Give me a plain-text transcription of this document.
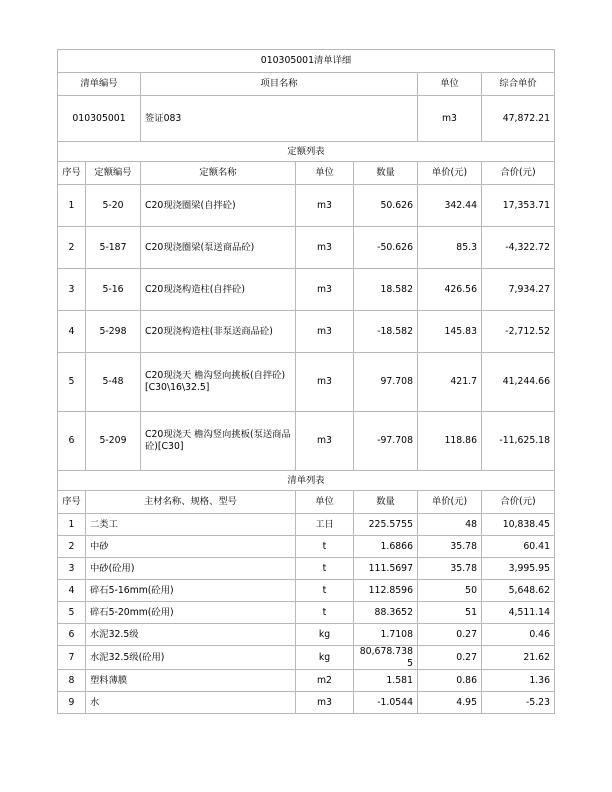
010305001清单详细						
清单编号		项目名称			单位	综合单价
010305001		签证083			m3	47,872.21
定额列表						
序号	定额编号	定额名称	单位	数量	单价(元)	合价(元)
1	5-20	C20现浇圈梁(自拌砼)	m3	50.626	342.44	17,353.71
2	5-187	C20现浇圈梁(泵送商品砼)	m3	-50.626	85.3	-4,322.72
3	5-16	C20现浇构造柱(自拌砼)	m3	18.582	426.56	7,934.27
4	5-298	C20现浇构造柱(非泵送商品砼)	m3	-18.582	145.83	-2,712.52
5	5-48	C20现浇天 檐沟竖向挑板(自拌砼)[C30\16\32.5]	m3	97.708	421.7	41,244.66
6	5-209	C20现浇天 檐沟竖向挑板(泵送商品砼)[C30]	m3	-97.708	118.86	-11,625.18
清单列表						
序号	主材名称、规格、型号		单位	数量	单价(元)	合价(元)
1	二类工		工日	225.5755	48	10,838.45
2	中砂		t	1.6866	35.78	60.41
3	中砂(砼用)		t	111.5697	35.78	3,995.95
4	碎石5-16mm(砼用)		t	112.8596	50	5,648.62
5	碎石5-20mm(砼用)		t	88.3652	51	4,511.14
6	水泥32.5级		kg	1.7108	0.27	0.46
7	水泥32.5级(砼用)		kg	80,678.7385	0.27	21.62
8	塑料薄膜		m2	1.581	0.86	1.36
9	水		m3	-1.0544	4.95	-5.23
